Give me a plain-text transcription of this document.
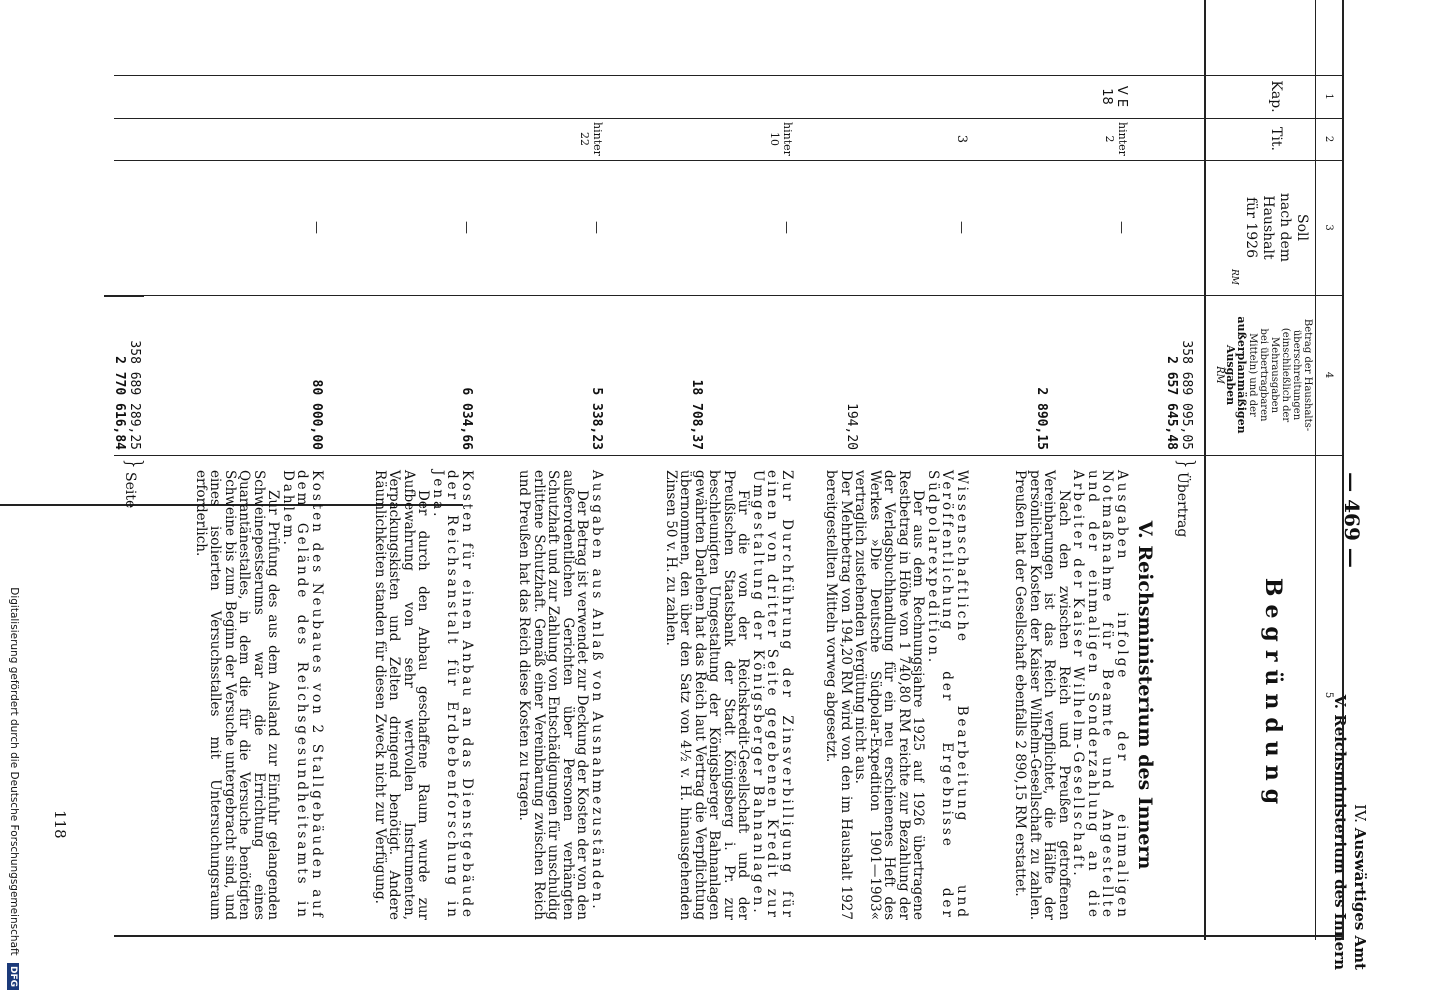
— 469 —
IV. Auswärtiges Amt
V. Reichsministerium des Innern
1
2
3
4
5
Kap.
Tit.
Soll
nach dem
Haushalt
für 1926
RM
Betrag der Haushalts-
überschreitungen
(einschließlich der
Mehrausgaben
bei übertragbaren
Mitteln) und der
außerplanmäßigen
Ausgaben
RM
Begründung
358 689 095,05
2 657 645,48
}
Übertrag
V. Reichsministerium des Innern
V E
18
hinter
2
—
2 890,15
Ausgaben infolge der einmaligen Notmaßnahme für Beamte und Angestellte und der einmaligen Sonderzahlung an die Arbeiter der Kaiser Wilhelm-Gesellschaft.
Nach den zwischen Reich und Preußen getroffenen Vereinbarungen ist das Reich verpflichtet, die Hälfte der persönlichen Kosten der Kaiser Wilhelm-Gesellschaft zu zahlen. Preußen hat der Gesellschaft ebenfalls 2 890,15 RM erstattet.
3
—
194,20
Wissenschaftliche Bearbeitung und Veröffentlichung der Ergebnisse der Südpolarexpedition.
Der aus dem Rechnungsjahre 1925 auf 1926 übertragene Restbetrag in Höhe von 1 740,80 RM reichte zur Bezahlung der der Verlagsbuchhandlung für ein neu erschienenes Heft des Werkes »Die Deutsche Südpolar-Expedition 1901—1903« vertraglich zustehenden Vergütung nicht aus.
Der Mehrbetrag von 194,20 RM wird von den im Haushalt 1927 bereitgestellten Mitteln vorweg abgesetzt.
hinter
10
—
18 708,37
Zur Durchführung der Zinsverbilligung für einen von dritter Seite gegebenen Kredit zur Umgestaltung der Königsberger Bahnanlagen.
Für die von der Reichskredit-Gesellschaft und der Preußischen Staatsbank der Stadt Königsberg i. Pr. zur beschleunigten Umgestaltung der Königsberger Bahnanlagen gewährten Darlehen hat das Reich laut Vertrag die Verpflichtung übernommen, den über den Satz von 4½ v. H. hinausgehenden Zinsen 50 v. H. zu zahlen.
hinter
22
—
5 338,23
Ausgaben aus Anlaß von Ausnahmezuständen.
Der Betrag ist verwendet zur Deckung der Kosten der von den außerordentlichen Gerichten über Personen verhängten Schutzhaft und zur Zahlung von Entschädigungen für unschuldig erlittene Schutzhaft. Gemäß einer Vereinbarung zwischen Reich und Preußen hat das Reich diese Kosten zu tragen.
—
6 034,66
Kosten für einen Anbau an das Dienstgebäude der Reichsanstalt für Erdbebenforschung in Jena.
Der durch den Anbau geschaffene Raum wurde zur Aufbewahrung von sehr wertvollen Instrumenten, Verpackungskisten und Zelten dringend benötigt. Andere Räumlichkeiten standen für diesen Zweck nicht zur Verfügung.
—
80 000,00
Kosten des Neubaues von 2 Stallgebäuden auf dem Gelände des Reichsgesundheitsamts in Dahlem.
Zur Prüfung des aus dem Ausland zur Einfuhr gelangenden Schweinepestserums war die Errichtung eines Quarantänestalles, in dem die für die Versuche benötigten Schweine bis zum Beginn der Versuche untergebracht sind, und eines isolierten Versuchsstalles mit Untersuchungsraum erforderlich.
358 689 289,25
2 770 616,84
}
Seite
118
Digitalisierung gefördert durch die Deutsche Forschungsgemeinschaft DFG
